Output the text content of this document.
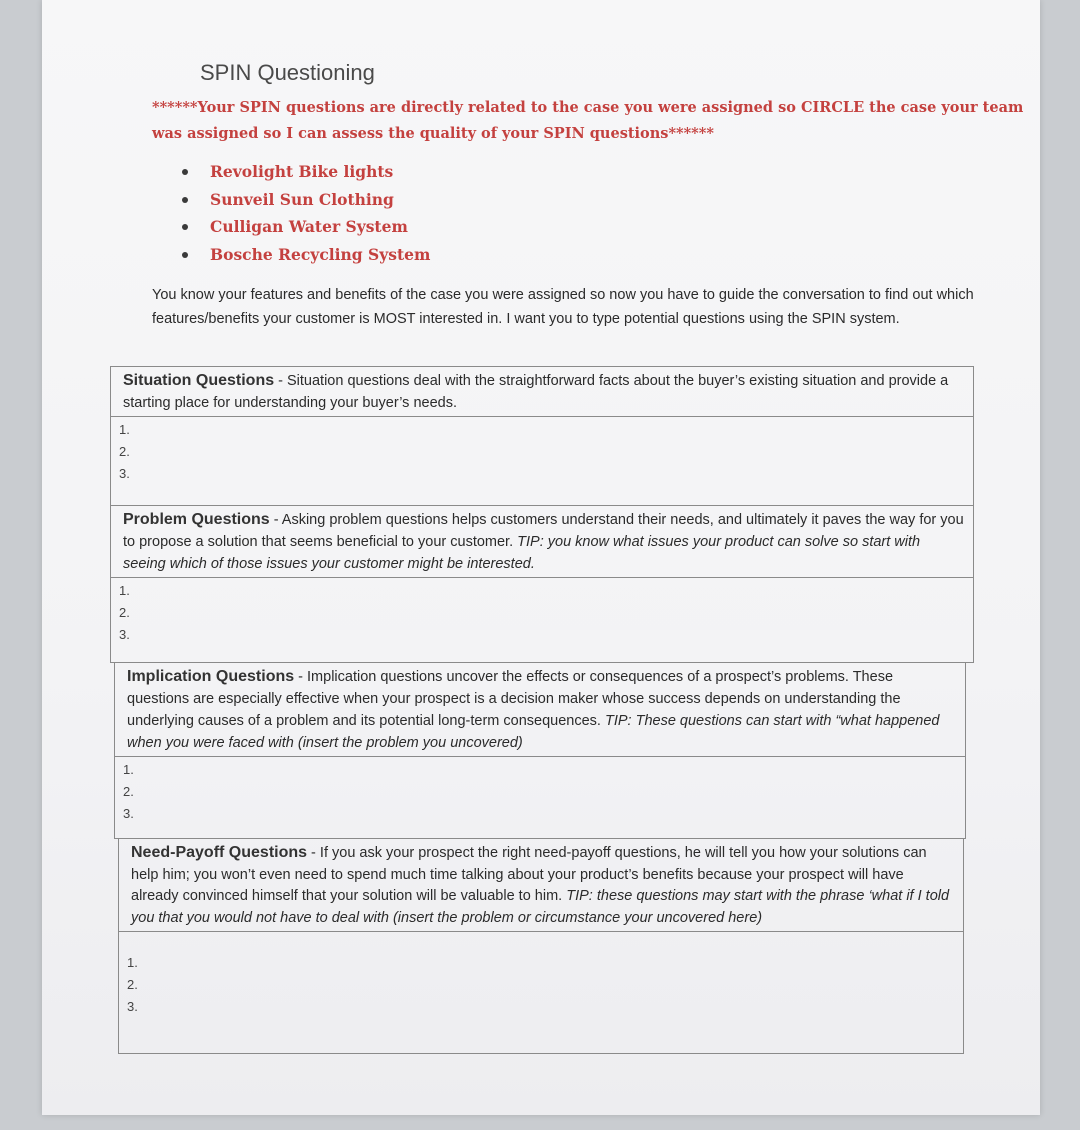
SPIN Questioning
******Your SPIN questions are directly related to the case you were assigned so CIRCLE the case your team
was assigned so I can assess the quality of your SPIN questions******
Revolight Bike lights
Sunveil Sun Clothing
Culligan Water System
Bosche Recycling System
You know your features and benefits of the case you were assigned so now you have to guide the conversation to find out which features/benefits your customer is MOST interested in. I want you to type potential questions using the SPIN system.
Situation Questions - Situation questions deal with the straightforward facts about the buyer’s existing situation and provide a starting place for understanding your buyer’s needs.
1.
2.
3.
Problem Questions - Asking problem questions helps customers understand their needs, and ultimately it paves the way for you to propose a solution that seems beneficial to your customer. TIP: you know what issues your product can solve so start with seeing which of those issues your customer might be interested.
1.
2.
3.
Implication Questions - Implication questions uncover the effects or consequences of a prospect’s problems. These questions are especially effective when your prospect is a decision maker whose success depends on understanding the underlying causes of a problem and its potential long-term consequences. TIP: These questions can start with “what happened when you were faced with (insert the problem you uncovered)
1.
2.
3.
Need-Payoff Questions - If you ask your prospect the right need-payoff questions, he will tell you how your solutions can help him; you won’t even need to spend much time talking about your product’s benefits because your prospect will have already convinced himself that your solution will be valuable to him. TIP: these questions may start with the phrase ‘what if I told you that you would not have to deal with (insert the problem or circumstance your uncovered here)
1.
2.
3.
